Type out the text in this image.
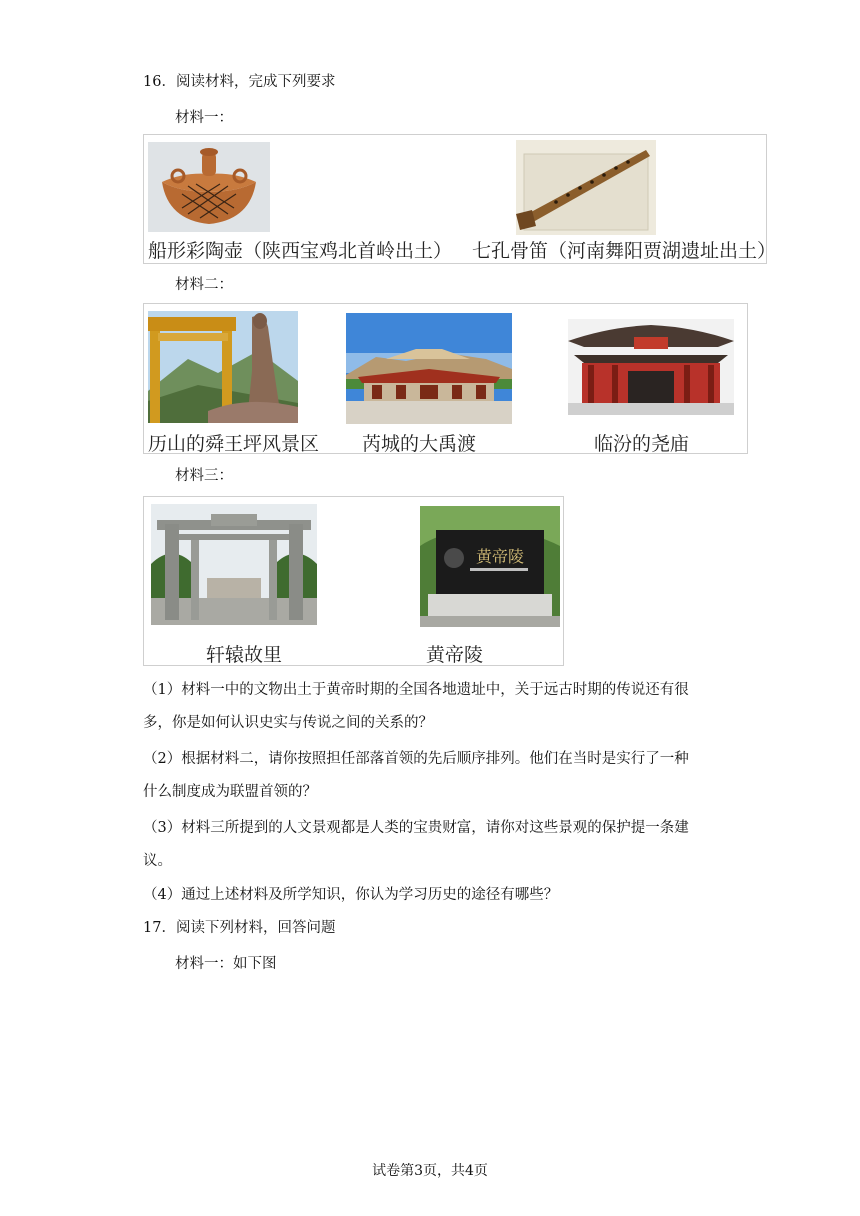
16．阅读材料，完成下列要求
材料一：
船形彩陶壶（陕西宝鸡北首岭出土） 七孔骨笛（河南舞阳贾湖遗址出土）
材料二：
历山的舜王坪风景区 芮城的大禹渡	临汾的尧庙
材料三：
黄帝陵
轩辕故里	黄帝陵
（1）材料一中的文物出土于黄帝时期的全国各地遗址中，关于远古时期的传说还有很
多，你是如何认识史实与传说之间的关系的？
（2）根据材料二，请你按照担任部落首领的先后顺序排列。他们在当时是实行了一种
什么制度成为联盟首领的？
（3）材料三所提到的人文景观都是人类的宝贵财富，请你对这些景观的保护提一条建
议。
（4）通过上述材料及所学知识，你认为学习历史的途径有哪些？
17．阅读下列材料，回答问题
材料一：如下图
试卷第3页，共4页
